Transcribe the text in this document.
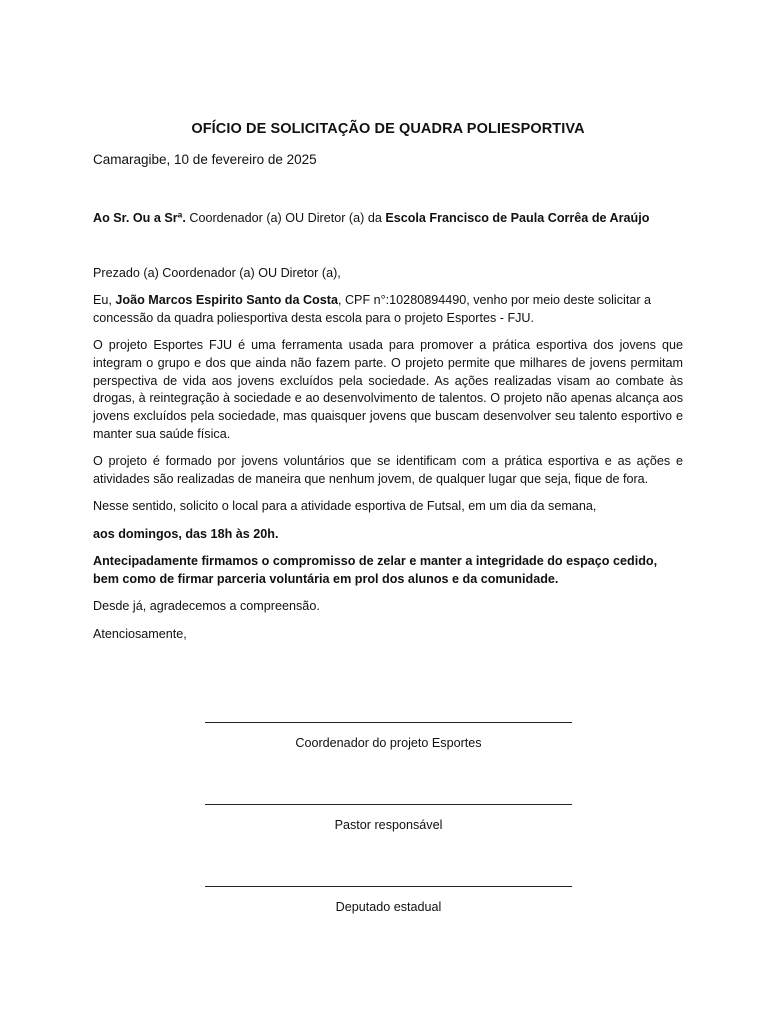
OFÍCIO DE SOLICITAÇÃO DE QUADRA POLIESPORTIVA
Camaragibe, 10 de fevereiro de 2025
Ao Sr. Ou a Srª. Coordenador (a) OU Diretor (a) da Escola Francisco de Paula Corrêa de Araújo
Prezado (a) Coordenador (a) OU Diretor (a),
Eu, João Marcos Espirito Santo da Costa, CPF n°:10280894490, venho por meio deste solicitar a concessão da quadra poliesportiva desta escola para o projeto Esportes - FJU.
O projeto Esportes FJU é uma ferramenta usada para promover a prática esportiva dos jovens que integram o grupo e dos que ainda não fazem parte. O projeto permite que milhares de jovens permitam perspectiva de vida aos jovens excluídos pela sociedade. As ações realizadas visam ao combate às drogas, à reintegração à sociedade e ao desenvolvimento de talentos. O projeto não apenas alcança aos jovens excluídos pela sociedade, mas quaisquer jovens que buscam desenvolver seu talento esportivo e manter sua saúde física.
O projeto é formado por jovens voluntários que se identificam com a prática esportiva e as ações e atividades são realizadas de maneira que nenhum jovem, de qualquer lugar que seja, fique de fora.
Nesse sentido, solicito o local para a atividade esportiva de Futsal, em um dia da semana,
aos domingos, das 18h às 20h.
Antecipadamente firmamos o compromisso de zelar e manter a integridade do espaço cedido, bem como de firmar parceria voluntária em prol dos alunos e da comunidade.
Desde já, agradecemos a compreensão.
Atenciosamente,
Coordenador do projeto Esportes
Pastor responsável
Deputado estadual
